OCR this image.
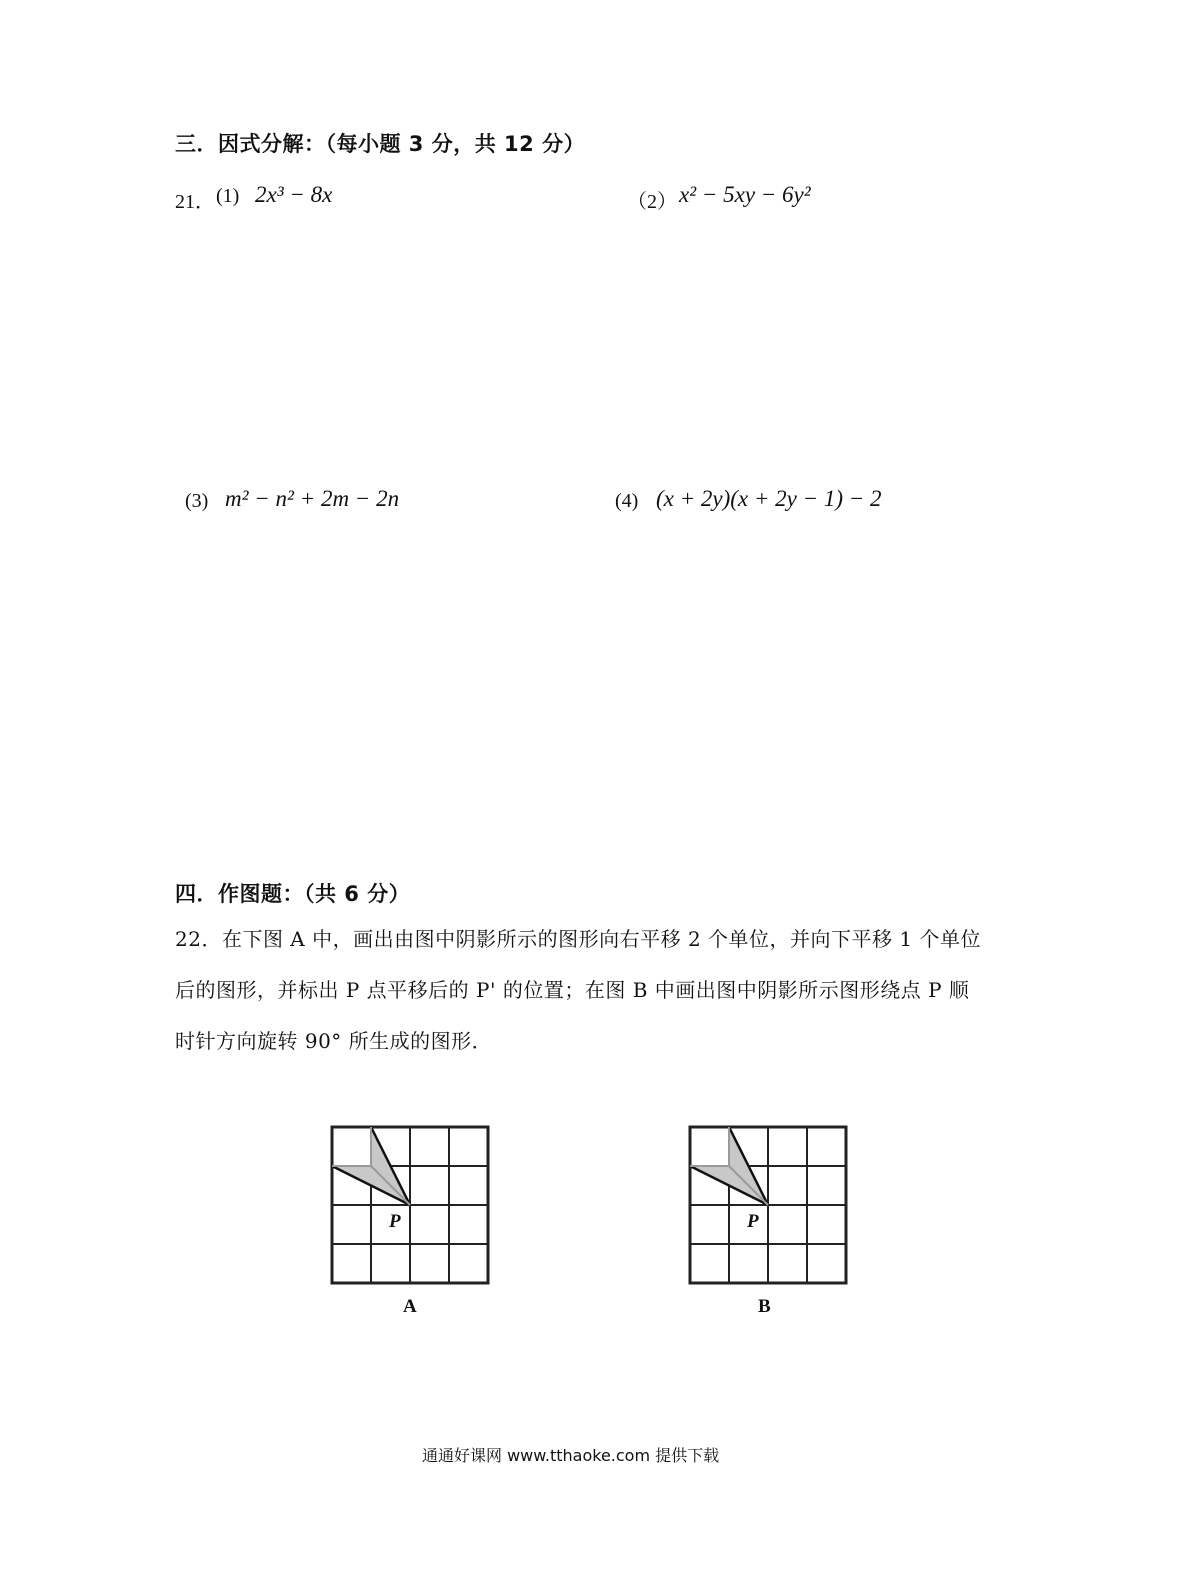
三．因式分解：（每小题 3 分，共 12 分）
21． (1) 2x³ − 8x	（2） x² − 5xy − 6y²
(3) m² − n² + 2m − 2n	(4) (x + 2y)(x + 2y − 1) − 2
四．作图题：（共 6 分）
22．在下图 A 中，画出由图中阴影所示的图形向右平移 2 个单位，并向下平移 1 个单位
后的图形，并标出 P 点平移后的 P' 的位置；在图 B 中画出图中阴影所示图形绕点 P 顺
时针方向旋转 90° 所生成的图形．
P
A
P
B
通通好课网 www.tthaoke.com 提供下载
